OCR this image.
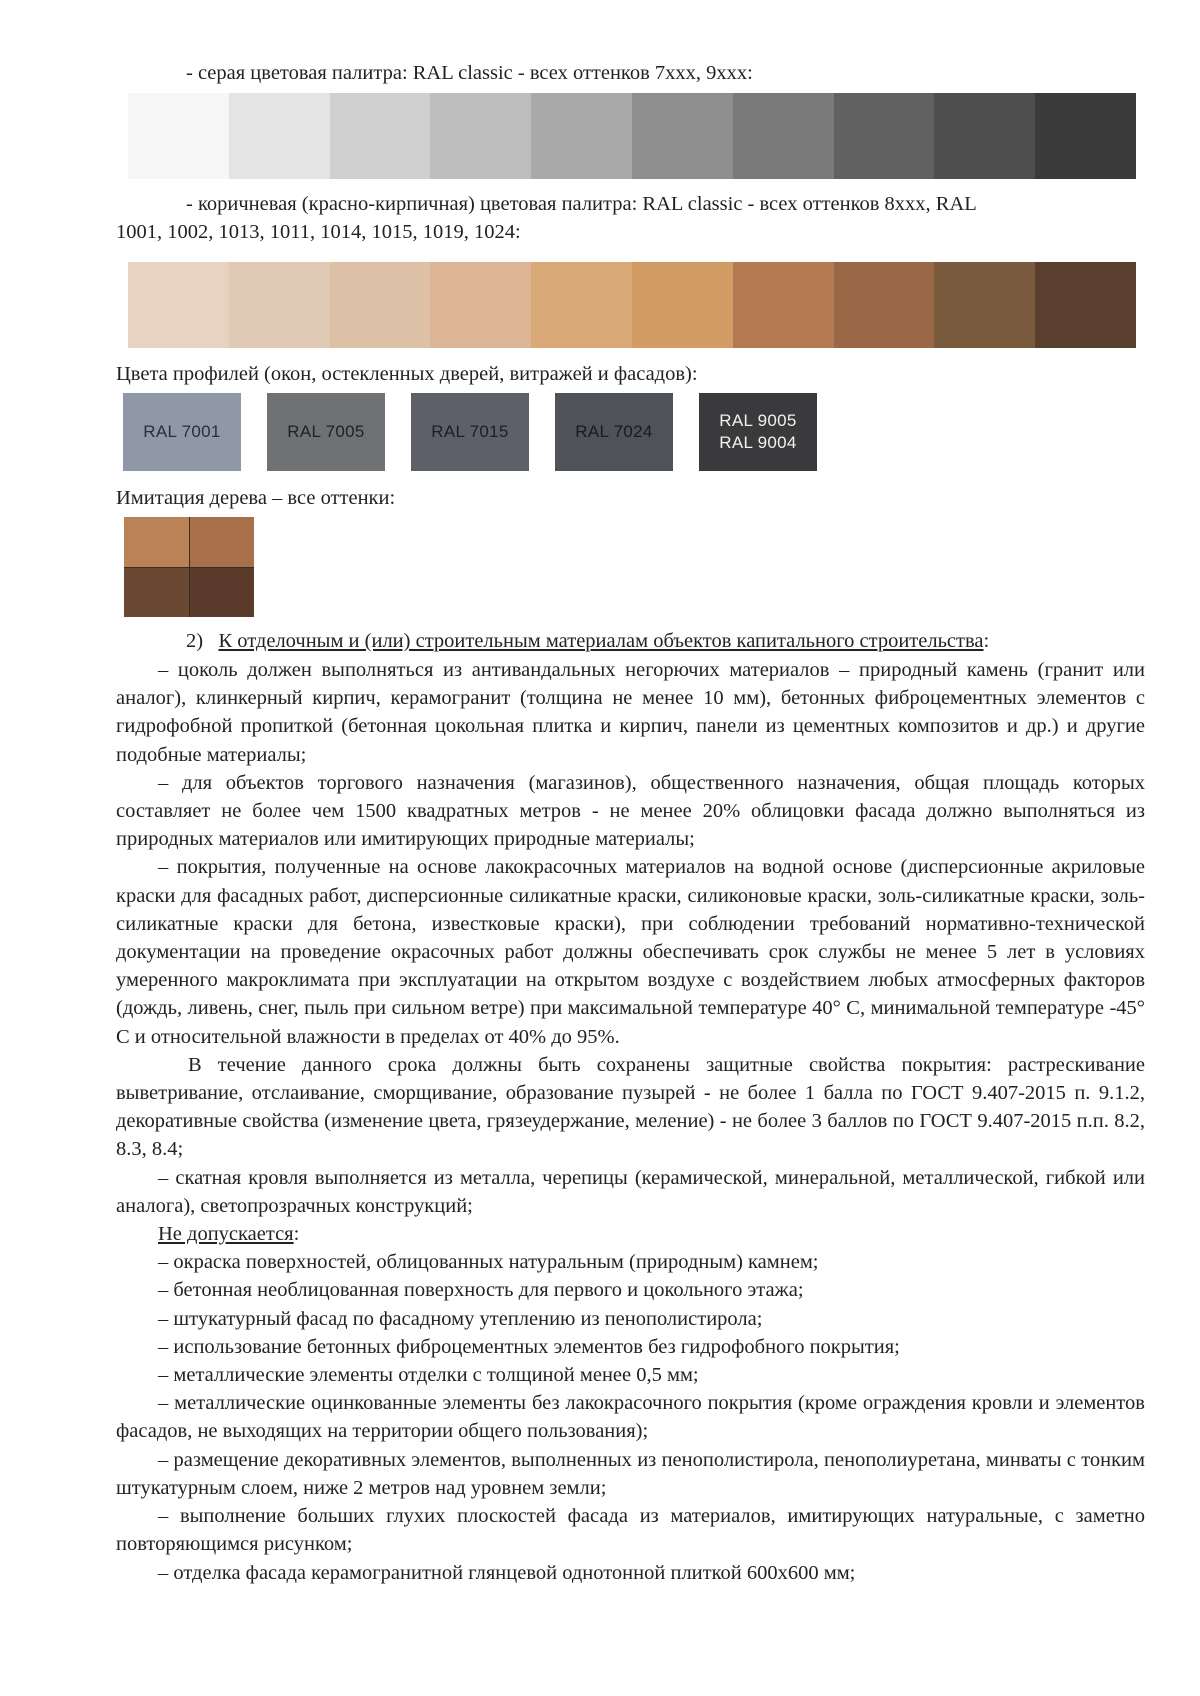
- серая цветовая палитра: RAL classic - всех оттенков 7xxx, 9xxx:
- коричневая (красно-кирпичная) цветовая палитра: RAL classic - всех оттенков 8xxx, RAL
1001, 1002, 1013, 1011, 1014, 1015, 1019, 1024:
Цвета профилей (окон, остекленных дверей, витражей и фасадов):
RAL 7001	RAL 7005	RAL 7015	RAL 7024
RAL 9005
RAL 9004
Имитация дерева – все оттенки:
2) К отделочным и (или) строительным материалам объектов капитального строительства:

– цоколь должен выполняться из антивандальных негорючих материалов – природный камень (гранит или аналог), клинкерный кирпич, керамогранит (толщина не менее 10 мм), бетонных фиброцементных элементов с гидрофобной пропиткой (бетонная цокольная плитка и кирпич, панели из цементных композитов и др.) и другие подобные материалы;

– для объектов торгового назначения (магазинов), общественного назначения, общая площадь которых составляет не более чем 1500 квадратных метров - не менее 20% облицовки фасада должно выполняться из природных материалов или имитирующих природные материалы;

– покрытия, полученные на основе лакокрасочных материалов на водной основе (дисперсионные акриловые краски для фасадных работ, дисперсионные силикатные краски, силиконовые краски, золь-силикатные краски, золь-силикатные краски для бетона, известковые краски), при соблюдении требований нормативно-технической документации на проведение окрасочных работ должны обеспечивать срок службы не менее 5 лет в условиях умеренного макроклимата при эксплуатации на открытом воздухе с воздействием любых атмосферных факторов (дождь, ливень, снег, пыль при сильном ветре) при максимальной температуре 40° С, минимальной температуре -45° С и относительной влажности в пределах от 40% до 95%.

В течение данного срока должны быть сохранены защитные свойства покрытия: растрескивание выветривание, отслаивание, сморщивание, образование пузырей - не более 1 балла по ГОСТ 9.407-2015 п. 9.1.2, декоративные свойства (изменение цвета, грязеудержание, меление) - не более 3 баллов по ГОСТ 9.407-2015 п.п. 8.2, 8.3, 8.4;

– скатная кровля выполняется из металла, черепицы (керамической, минеральной, металлической, гибкой или аналога), светопрозрачных конструкций;

Не допускается:

– окраска поверхностей, облицованных натуральным (природным) камнем;
– бетонная необлицованная поверхность для первого и цокольного этажа;
– штукатурный фасад по фасадному утеплению из пенополистирола;
– использование бетонных фиброцементных элементов без гидрофобного покрытия;
– металлические элементы отделки с толщиной менее 0,5 мм;

– металлические оцинкованные элементы без лакокрасочного покрытия (кроме ограждения кровли и элементов фасадов, не выходящих на территории общего пользования);

– размещение декоративных элементов, выполненных из пенополистирола, пенополиуретана, минваты с тонким штукатурным слоем, ниже 2 метров над уровнем земли;

– выполнение больших глухих плоскостей фасада из материалов, имитирующих натуральные, с заметно повторяющимся рисунком;

– отделка фасада керамогранитной глянцевой однотонной плиткой 600х600 мм;
